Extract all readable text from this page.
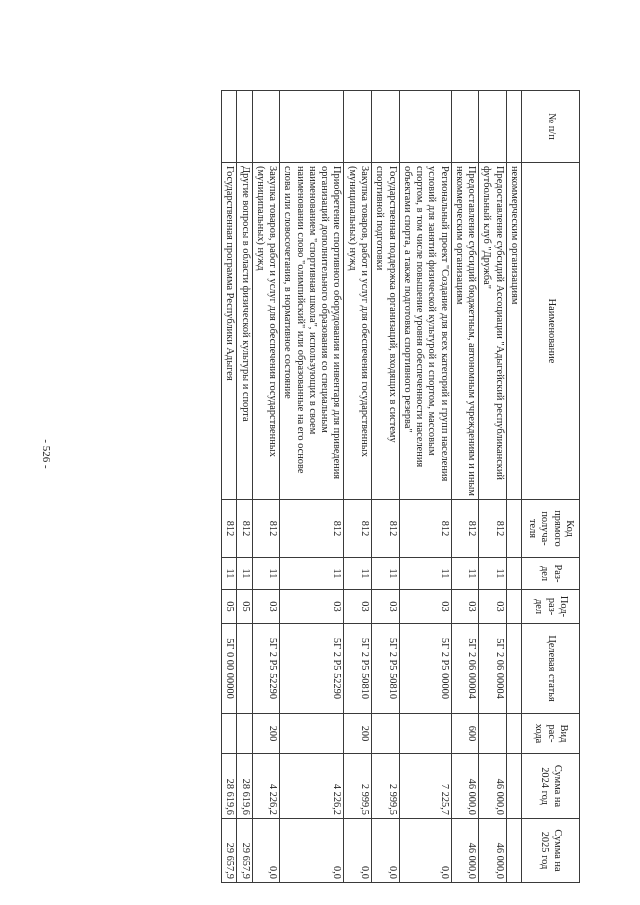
- 526 -
№ п/п	Наименование	Код прямого получа-теля	Раз-дел	Под-раз-дел	Целевая статья	Вид рас-хода	Сумма на 2024 год	Сумма на 2025 год
	некоммерческим организациям							
	Предоставление субсидий Ассоциации "Адыгейский республиканский футбольный клуб "Дружба"	812	11	03	5Г 2 06 00004		46 000,0	46 000,0
	Предоставление субсидий бюджетным, автономным учреждениям и иным некоммерческим организациям	812	11	03	5Г 2 06 00004	600	46 000,0	46 000,0
	Региональный проект "Создание для всех категорий и групп населения условий для занятий физической культурой и спортом, массовым спортом, в том числе повышение уровня обеспеченности населения объектами спорта, а также подготовка спортивного резерва"	812	11	03	5Г 2 Р5 00000		7 225,7	0,0
	Государственная поддержка организаций, входящих в систему спортивной подготовки	812	11	03	5Г 2 Р5 50810		2 999,5	0,0
	Закупка товаров, работ и услуг для обеспечения государственных (муниципальных) нужд	812	11	03	5Г 2 Р5 50810	200	2 999,5	0,0
	Приобретение спортивного оборудования и инвентаря для приведения организаций дополнительного образования со специальным наименованием "спортивная школа", использующих в своем наименовании слово "олимпийский" или образованные на его основе слова или словосочетания, в нормативное состояние	812	11	03	5Г 2 Р5 52290		4 226,2	0,0
	Закупка товаров, работ и услуг для обеспечения государственных (муниципальных) нужд	812	11	03	5Г 2 Р5 52290	200	4 226,2	0,0
	Другие вопросы в области физической культуры и спорта	812	11	05			28 619,6	29 657,9
	Государственная программа Республики Адыгея	812	11	05	5Г 0 00 00000		28 619,6	29 657,9
